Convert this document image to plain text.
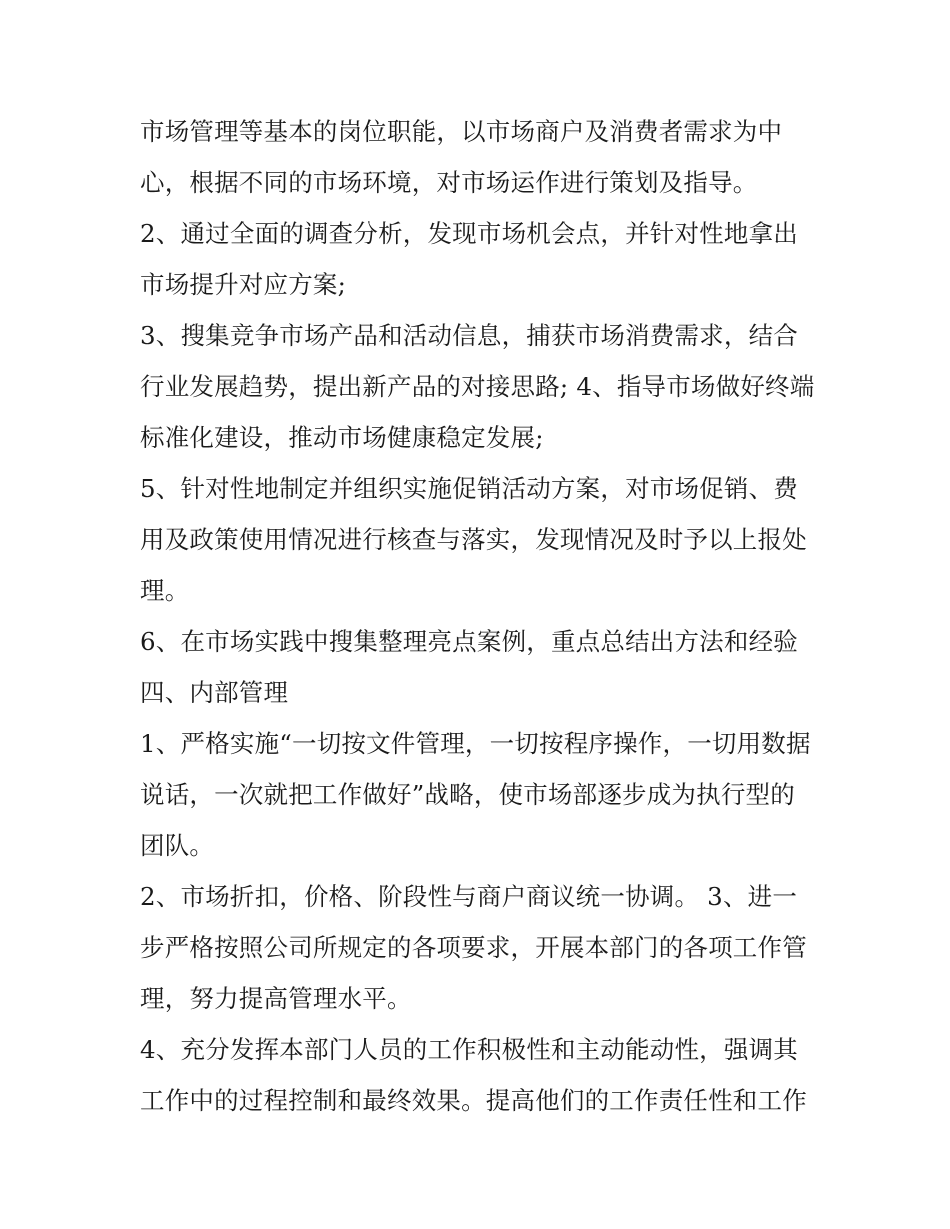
市场管理等基本的岗位职能，以市场商户及消费者需求为中
心，根据不同的市场环境，对市场运作进行策划及指导。
2、通过全面的调查分析，发现市场机会点，并针对性地拿出
市场提升对应方案;
3、搜集竞争市场产品和活动信息，捕获市场消费需求，结合
行业发展趋势，提出新产品的对接思路; 4、指导市场做好终端
标准化建设，推动市场健康稳定发展;
5、针对性地制定并组织实施促销活动方案，对市场促销、费
用及政策使用情况进行核查与落实，发现情况及时予以上报处
理。
6、在市场实践中搜集整理亮点案例，重点总结出方法和经验
四、内部管理
1、严格实施“一切按文件管理，一切按程序操作，一切用数据
说话，一次就把工作做好”战略，使市场部逐步成为执行型的
团队。
2、市场折扣，价格、阶段性与商户商议统一协调。 3、进一
步严格按照公司所规定的各项要求，开展本部门的各项工作管
理，努力提高管理水平。
4、充分发挥本部门人员的工作积极性和主动能动性，强调其
工作中的过程控制和最终效果。提高他们的工作责任性和工作
